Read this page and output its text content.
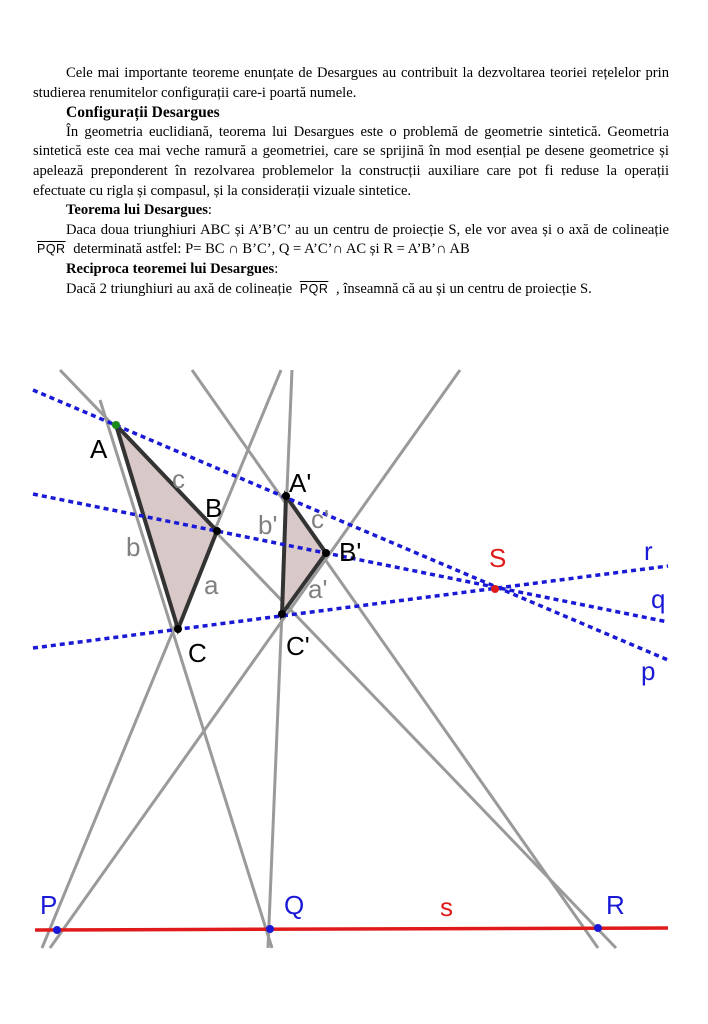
Cele mai importante teoreme enunțate de Desargues au contribuit la dezvoltarea teoriei rețelelor prin studierea renumitelor configurații care-i poartă numele.

Configurații Desargues

În geometria euclidiană, teorema lui Desargues este o problemă de geometrie sintetică. Geometria sintetică este cea mai veche ramură a geometriei, care se sprijină în mod esențial pe desene geometrice și apelează preponderent în rezolvarea problemelor la construcții auxiliare care pot fi reduse la operații efectuate cu rigla și compasul, și la considerații vizuale sintetice.

Teorema lui Desargues:

Daca doua triunghiuri ABC și A’B’C’ au un centru de proiecție S, ele vor avea și o axă de colineație $\overline{PQR}$ determinată astfel: P= BC ∩ B’C’, Q = A’C’∩ AC și R = A’B’∩ AB

Reciproca teoremei lui Desargues:

Dacă 2 triunghiuri au axă de colineație $\overline{PQR}$ , înseamnă că au și un centru de proiecție S.

A
B
C
A'
B'
C'
S
P	Q	R
r
q
p
s
c
b
a
b' c'
a'
